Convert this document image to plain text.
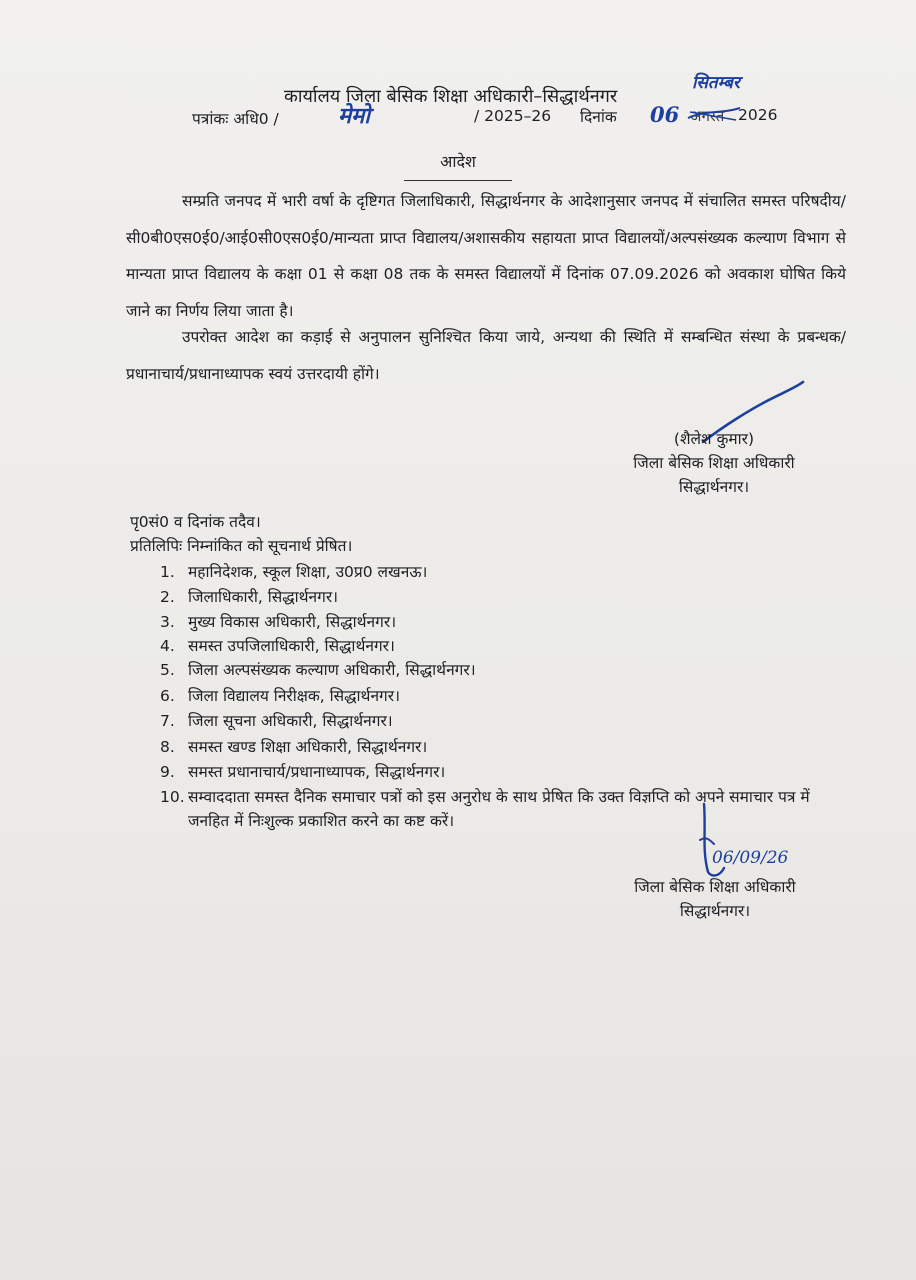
कार्यालय जिला बेसिक शिक्षा अधिकारी–सिद्धार्थनगर
पत्रांकः अधि0 /	मेमो	/ 2025–26 दिनांक 06 अगस्त
सितम्बर
2026
आदेश
सम्प्रति जनपद में भारी वर्षा के दृष्टिगत जिलाधिकारी, सिद्धार्थनगर के आदेशानुसार जनपद में संचालित समस्त परिषदीय/सी0बी0एस0ई0/आई0सी0एस0ई0/मान्यता प्राप्त विद्यालय/अशासकीय सहायता प्राप्त विद्यालयों/अल्पसंख्यक कल्याण विभाग से मान्यता प्राप्त विद्यालय के कक्षा 01 से कक्षा 08 तक के समस्त विद्यालयों में दिनांक 07.09.2026 को अवकाश घोषित किये जाने का निर्णय लिया जाता है।
उपरोक्त आदेश का कड़ाई से अनुपालन सुनिश्चित किया जाये, अन्यथा की स्थिति में सम्बन्धित संस्था के प्रबन्धक/प्रधानाचार्य/प्रधानाध्यापक स्वयं उत्तरदायी होंगे।
(शैलेश कुमार)
जिला बेसिक शिक्षा अधिकारी
सिद्धार्थनगर।
पृ0सं0 व दिनांक तदैव।
प्रतिलिपिः निम्नांकित को सूचनार्थ प्रेषित।
1. महानिदेशक, स्कूल शिक्षा, उ0प्र0 लखनऊ।
2. जिलाधिकारी, सिद्धार्थनगर।
3. मुख्य विकास अधिकारी, सिद्धार्थनगर।
4. समस्त उपजिलाधिकारी, सिद्धार्थनगर।
5. जिला अल्पसंख्यक कल्याण अधिकारी, सिद्धार्थनगर।
6. जिला विद्यालय निरीक्षक, सिद्धार्थनगर।
7. जिला सूचना अधिकारी, सिद्धार्थनगर।
8. समस्त खण्ड शिक्षा अधिकारी, सिद्धार्थनगर।
9. समस्त प्रधानाचार्य/प्रधानाध्यापक, सिद्धार्थनगर।
10. सम्वाददाता समस्त दैनिक समाचार पत्रों को इस अनुरोध के साथ प्रेषित कि उक्त विज्ञप्ति को अपने समाचार पत्र में जनहित में निःशुल्क प्रकाशित करने का कष्ट करें।
06/09/26
जिला बेसिक शिक्षा अधिकारी
सिद्धार्थनगर।
